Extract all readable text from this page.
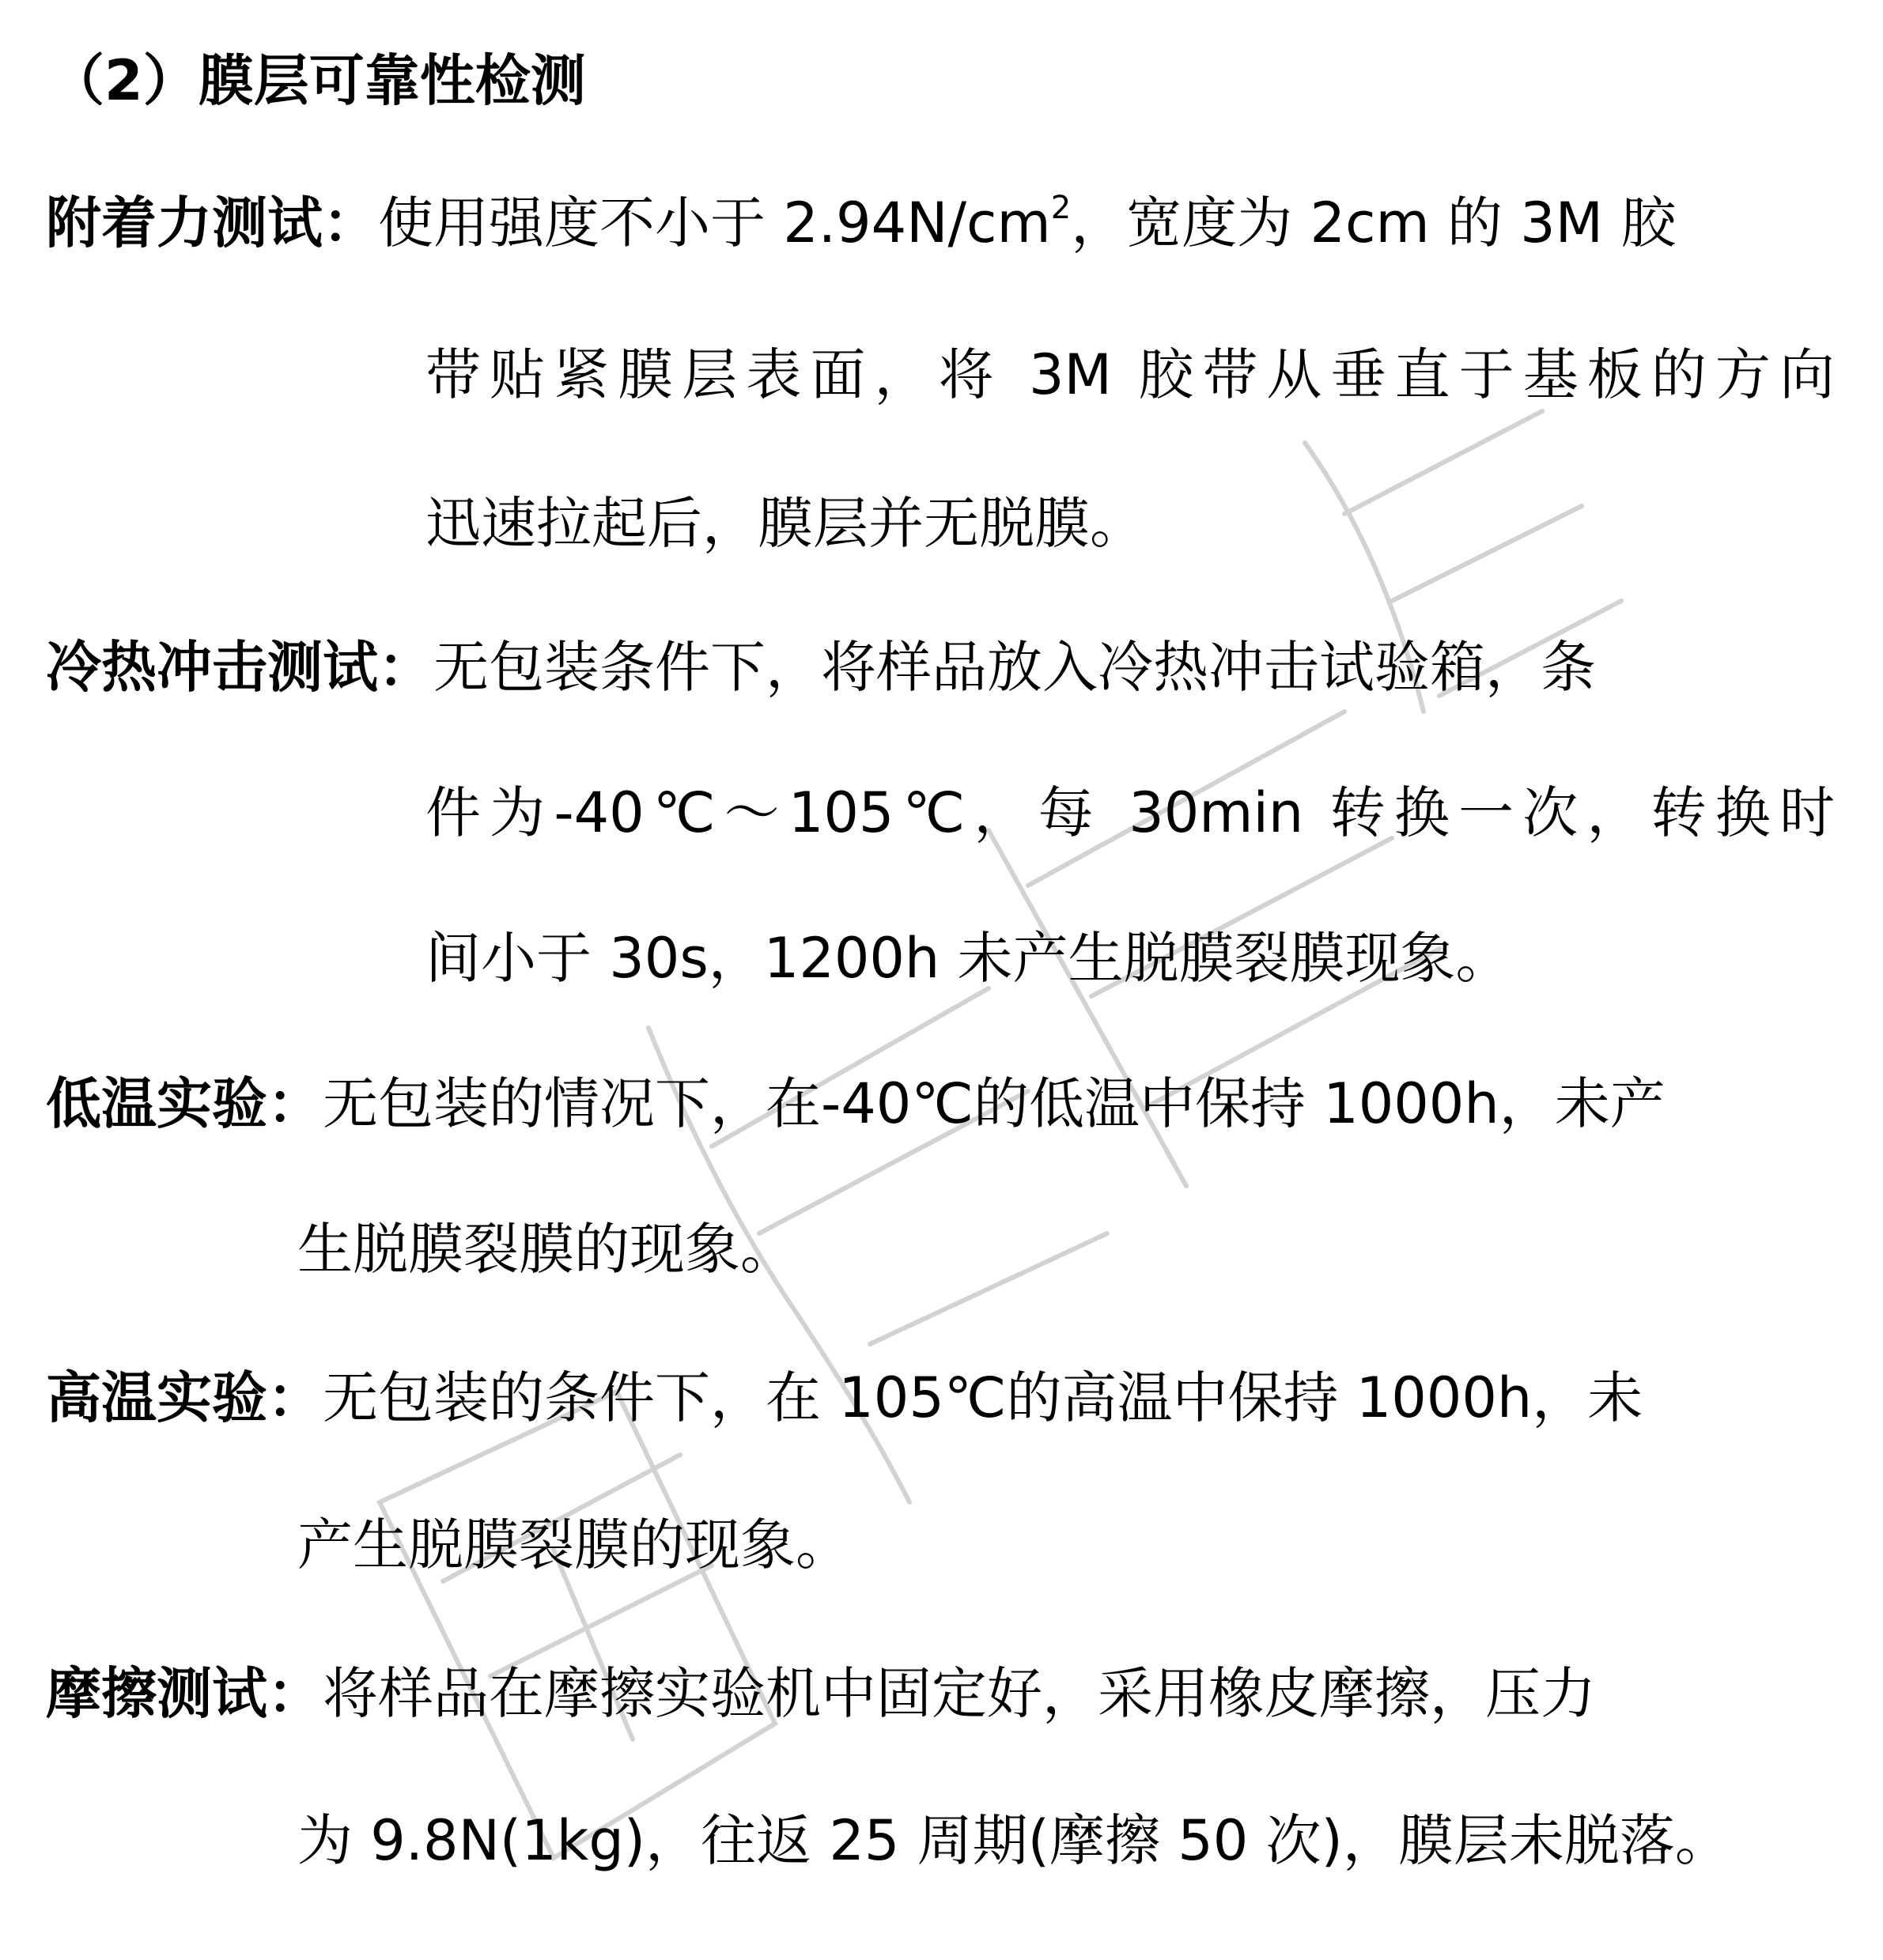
（2）膜层可靠性检测
附着力测试：使用强度不小于 $2.94N/cm^2$，宽度为 2cm 的 3M 胶
带贴紧膜层表面，将 3M 胶带从垂直于基板的方向
迅速拉起后，膜层并无脱膜。
冷热冲击测试：无包装条件下，将样品放入冷热冲击试验箱，条
件为-40℃～105℃，每 30min 转换一次，转换时
间小于 30s，1200h 未产生脱膜裂膜现象。
低温实验：无包装的情况下，在-40℃的低温中保持 1000h，未产
生脱膜裂膜的现象。
高温实验：无包装的条件下，在 105℃的高温中保持 1000h，未
产生脱膜裂膜的现象。
摩擦测试：将样品在摩擦实验机中固定好，采用橡皮摩擦，压力
为 9.8N(1kg)，往返 25 周期(摩擦 50 次)，膜层未脱落。
